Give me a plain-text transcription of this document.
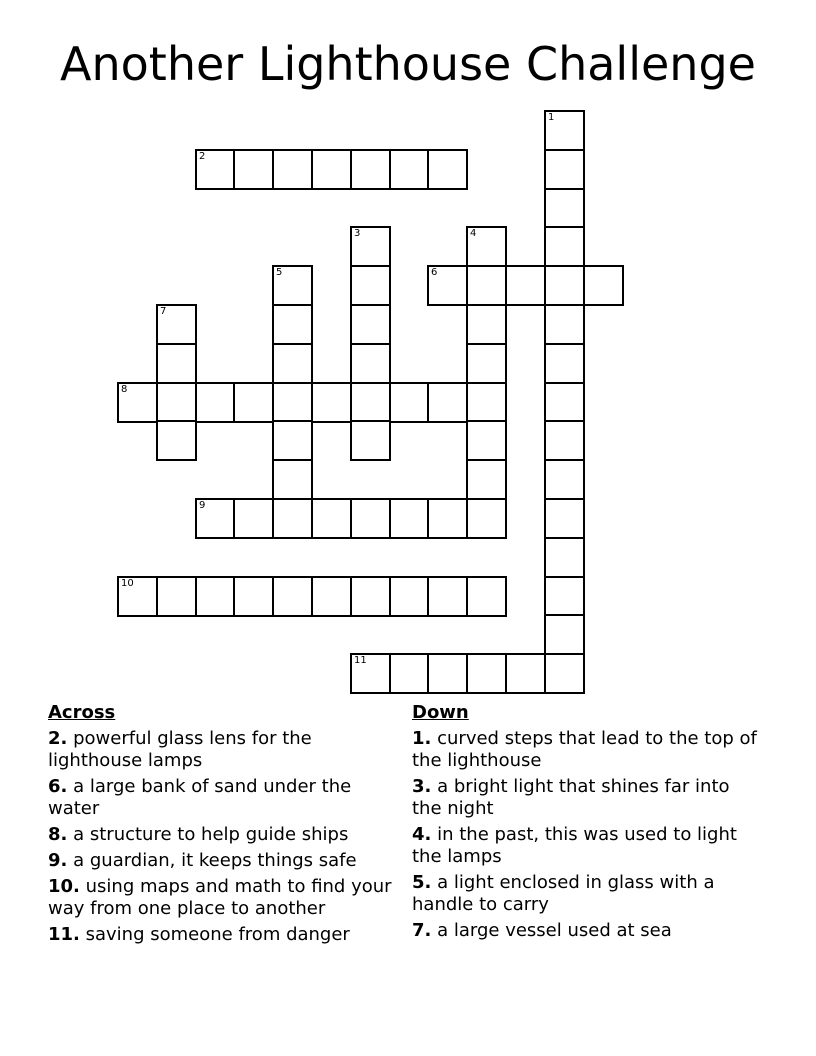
Another Lighthouse Challenge
1
2
3	4
5	6
7
8
9
10
11
Across
2. powerful glass lens for the lighthouse lamps
6. a large bank of sand under the water
8. a structure to help guide ships
9. a guardian, it keeps things safe
10. using maps and math to find your way from one place to another
11. saving someone from danger
Down
1. curved steps that lead to the top of the lighthouse
3. a bright light that shines far into the night
4. in the past, this was used to light the lamps
5. a light enclosed in glass with a handle to carry
7. a large vessel used at sea
